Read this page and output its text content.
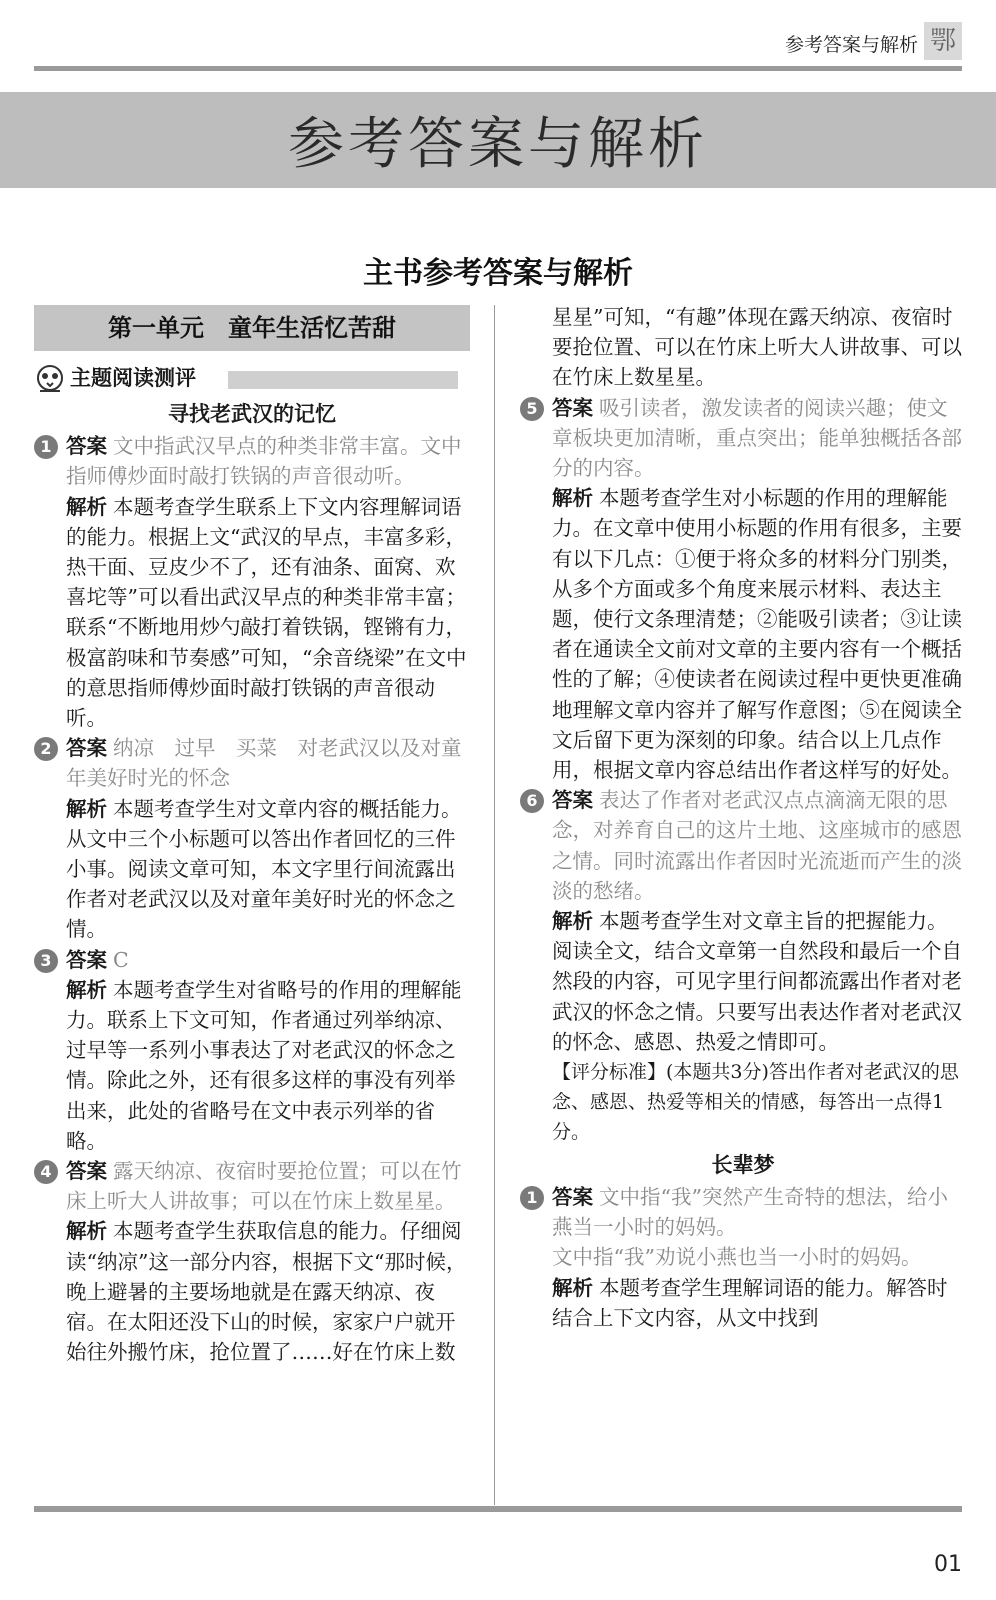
参考答案与解析 鄂
参考答案与解析
主书参考答案与解析
第一单元　童年生活忆苦甜
主题阅读测评
寻找老武汉的记忆
1 答案 文中指武汉早点的种类非常丰富。文中指师傅炒面时敲打铁锅的声音很动听。

解析 本题考查学生联系上下文内容理解词语的能力。根据上文“武汉的早点，丰富多彩，热干面、豆皮少不了，还有油条、面窝、欢喜坨等”可以看出武汉早点的种类非常丰富；联系“不断地用炒勺敲打着铁锅，铿锵有力，极富韵味和节奏感”可知，“余音绕梁”在文中的意思指师傅炒面时敲打铁锅的声音很动听。

2 答案 纳凉　过早　买菜　对老武汉以及对童年美好时光的怀念

解析 本题考查学生对文章内容的概括能力。从文中三个小标题可以答出作者回忆的三件小事。阅读文章可知，本文字里行间流露出作者对老武汉以及对童年美好时光的怀念之情。

3 答案 C

解析 本题考查学生对省略号的作用的理解能力。联系上下文可知，作者通过列举纳凉、过早等一系列小事表达了对老武汉的怀念之情。除此之外，还有很多这样的事没有列举出来，此处的省略号在文中表示列举的省略。

4 答案 露天纳凉、夜宿时要抢位置；可以在竹床上听大人讲故事；可以在竹床上数星星。

解析 本题考查学生获取信息的能力。仔细阅读“纳凉”这一部分内容，根据下文“那时候，晚上避暑的主要场地就是在露天纳凉、夜宿。在太阳还没下山的时候，家家户户就开始往外搬竹床，抢位置了……好在竹床上数

星星”可知，“有趣”体现在露天纳凉、夜宿时要抢位置、可以在竹床上听大人讲故事、可以在竹床上数星星。

5 答案 吸引读者，激发读者的阅读兴趣；使文章板块更加清晰，重点突出；能单独概括各部分的内容。

解析 本题考查学生对小标题的作用的理解能力。在文章中使用小标题的作用有很多，主要有以下几点：①便于将众多的材料分门别类，从多个方面或多个角度来展示材料、表达主题，使行文条理清楚；②能吸引读者；③让读者在通读全文前对文章的主要内容有一个概括性的了解；④使读者在阅读过程中更快更准确地理解文章内容并了解写作意图；⑤在阅读全文后留下更为深刻的印象。结合以上几点作用，根据文章内容总结出作者这样写的好处。

6 答案 表达了作者对老武汉点点滴滴无限的思念，对养育自己的这片土地、这座城市的感恩之情。同时流露出作者因时光流逝而产生的淡淡的愁绪。

解析 本题考查学生对文章主旨的把握能力。阅读全文，结合文章第一自然段和最后一个自然段的内容，可见字里行间都流露出作者对老武汉的怀念之情。只要写出表达作者对老武汉的怀念、感恩、热爱之情即可。

【评分标准】(本题共3分)答出作者对老武汉的思念、感恩、热爱等相关的情感，每答出一点得1分。

长辈梦
1 答案 文中指“我”突然产生奇特的想法，给小燕当一小时的妈妈。

文中指“我”劝说小燕也当一小时的妈妈。

解析 本题考查学生理解词语的能力。解答时结合上下文内容，从文中找到

01
